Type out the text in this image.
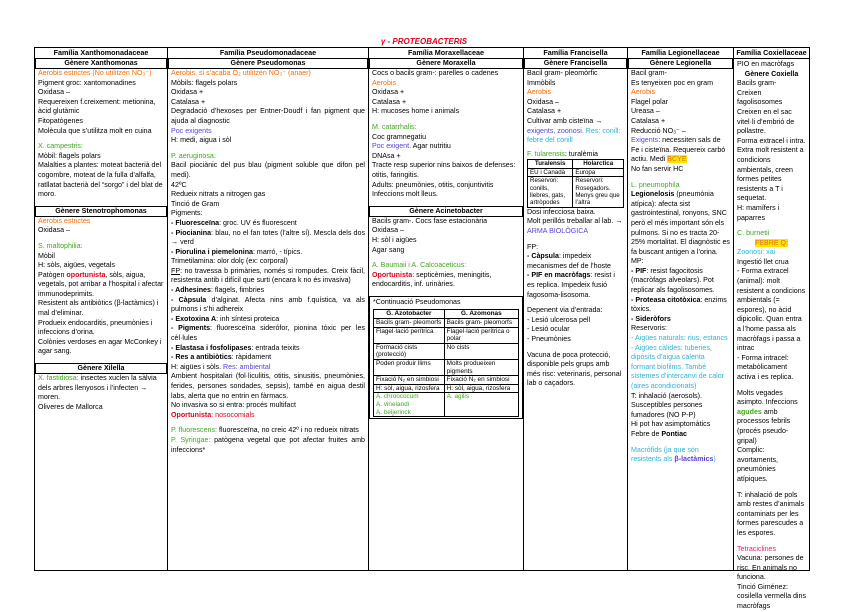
γ - PROTEOBACTERIS
Família Xanthomonadaceae	Família Pseudomonadaceae	Família Moraxellaceae	Família Francisella	Família Legionellaceae	Família Coxiellaceae
Gènere Xanthomonas

Aerobis estrictes (No utilitzen NO₃⁻)

Pigment groc: xantomonadines

Oxidasa –

Requereixen f.creixement: metionina, àcid glutàmic

Fitopatògenes

Molècula que s’utilitza molt en cuina

X. campestris:

Mòbil: flagels polars

Malalties a plantes: moteat bacterià del cogombre, moteat de la fulla d’alfalfa, ratllatat bacterià del “sorgo” i del blat de moro.

Gènere Stenotrophomonas

Aerobis estrictes

Oxidasa –

S. maltophilia:

Mòbil

H: sòls, aigües, vegetals

Patògen oportunista, sòls, aigua, vegetals, pot arribar a l’hospital i afectar immunodeprimits.

Resistent als antibiòtics (β-lactàmics) i mal d’eliminar.

Produeix endocarditis, pneumònies i infeccions d’orina.

Colònies verdoses en agar McConkey i agar sang.

Gènere Xilella

X. fastidiosa: insectes xuclen la sàlvia dels arbres llenyosos i l’infecten → moren.

Oliveres de Mallorca

Gènere Pseudomonas

Aerobis, si s’acaba O₂ utilitzen NO₃⁻ (anaer)

Mòbils: flagels polars

Oxidasa +

Catalasa +

Degradació d’hexoses per Entner-Doudf i fan pigment que ajuda al diagnostic

Poc exigents

H: medi, aigua i sòl

P. aeruginosa:

Bacil piociànic del pus blau (pigment soluble que difon pel medi).

42ºC

Redueix nitrats a nitrogen gas

Tinció de Gram

Pigments:

- Fluoresceïna: groc. UV és fluorescent

- Piocianina: blau, no el fan totes (l’altre sí). Mescla dels dos → verd

- Piorulina i piemelonina: marró, - típics.

Trimetilamina: olor dolç (ex: corporal)

FP: no travessa b primàries, només si rompudes. Creix fàcil, resistenta antib i difícil que surti (encara k no és invasiva)

- Adhesines: flagels, fimbries

- Càpsula d’alginat. Afecta nins amb f.quística, va als pulmons i s’hi adhereix

- Exotoxina A: inh síntesi proteica

- Pigments: fluoresceïna siderófor, pionina tòxic per les cèl·lules

- Elastasa i fosfolipases: entrada teixits

- Res a antibiòtics: ràpidament

H: aigües i sòls. Res: ambiental

Ambient hospitalari (fol·liculitis, otitis, sinusitis, pneumònies, ferides, persones sondades, sepsis), també en aigua destil labs, alerta que no entrin en fàrmacs.

No invasiva so si entra: procés multifact

Oportunista: nosocomials

P. fluorescens: fluoresceïna, no creic 42º i no redueix nitrats

P. Syringae: patògena vegetal que pot afectar fruites amb infeccions*

Gènere Moraxella

Cocs o bacils gram-: parelles o cadenes

Aerobis

Oxidasa +

Catalasa +

H: mucoses home i animals

M. catarrhalis:

Coc gramnegatiu

Poc exigent. Agar nutritiu

DNAsa +

Tracte resp superior nins baixos de defenses: otitis, faringitis.

Adults: pneumònies, otitis, conjuntivitis

Infeccions molt lleus.

Gènere Acinetobacter

Bacils gram-. Cocs fase estacionària

Oxidasa –

H: sòl i aigües

Agar sang

A. Baumaii i A. Calcoaceticus:

Oportunista: septicèmies, meningitis, endocarditis, inf. urinàries.

*Continuació Pseudomonas

G. Azotobacter	G. Azomonas
Bacils gram- pleomorfs	Bacils gram- pleomorfs
Flagel·lació perítrica	Flagel·lació perítrica o polar
Formació cists (protecció)	No cists
Poden produir llims	Molts produeixen pigments
Fixació N₂ en simbiosi	Fixació N₂ en simbiosi
H: sòl, aigua, rizosfera	H: sòl, aigua, rizosfera

A. chroococum
A. vinelandi
A. beijerinck	A. agilis
Gènere Francisella

Bacil gram- pleomòrfic

Immòbils

Aerobis

Oxidasa –

Catalasa +

Cultivar amb cisteïna →

exigents, zoonosi. Res: conill: febre del conill

F. tularensis: turalèmia

Turalensis	Holarctica
EU i Canadà	Europa
Reservori: conills, llebres, gats, artròpodes	Reservori: Rosegadors. Menys greu que l’altra

Dosi infecciosa baixa.

Molt perillós treballar al lab. →

ARMA BIOLÒGICA

FP:

- Càpsula: impedeix mecanismes def de l’hoste

- PIF en macròfags: resist i es replica. Impedeix fusió fagosoma-lisosoma.

Depenent via d’entrada:

- Lesió ulcerosa pell

- Lesió ocular

- Pneumònies

Vacuna de poca protecció, disponible pels grups amb més risc: veterinaris, personal lab o caçadors.

Gènere Legionella

Bacil gram-

Es tenyeixen poc en gram

Aerobis

Flagel polar

Ureasa –

Catalasa +

Reducció NO₃⁻ –

Exigents: necessiten sals de Fe i cisteïna. Requereix carbó actiu. Medi BCYE

No fan servir HC

L. pneumophila

Legionelosis (pneumònia atípica): afecta sist gastrointestinal, ronyons, SNC però el més important són els pulmons. Si no es tracta 20-25% mortalitat. El diagnòstic es fa buscant antigen a l’orina.

MP:

- PIF: resist fagocitosis (macròfags alveolars). Pot replicar als fagolisosomes.

- Proteasa citotòxica: enzims tòxics.

- Sideròfors

Reservoris:

- Aigües naturals: rius, estancs

- Aigües càlides: tuberies, dipòsits d’aigua calenta formant biofilms. També sistemes d’intercanvi de calor (aires acondicionats)

T: inhalació (aerosols).

Susceptibles persones fumadores (NO P-P)

Hi pot hav asimptomàtics

Febre de Pontiac

Macròfids (ja que són resistents als β-lactàmics)

PIO en macròfags

Gènere Coxiella

Bacils gram-

Creixen fagolisosomes

Creixen en el sac vitel·li d’embrió de pollastre.

Forma extracel i intra. Extra molt resistent a condicions ambientals, creen formes petites resistents a T i sequetat.

H: mamífers i paparres

C. burnetii

FEBRE Q:

Zoonosi: xai

Ingestió llet crua

- Forma extracel (animal): molt resistent a condicions ambientals (= espores), no àcid dipicolic. Quan entra a l’home passa als macròfags i passa a intrac

- Forma intracel: metabòlicament activa i es replica.

Molts vegades asimpto. Infeccions agudes amb processos febrils (procés pseudo-gripal)

Complic: avortaments, pneumònies atípiques.

T: inhalació de pols amb restes d’animals contaminats per les formes parescudes a les espores.

Tetraciclines

Vacuna: persones de risc. En animals no funciona.

Tinció Giménez: cosilella vermella dins macròfags
